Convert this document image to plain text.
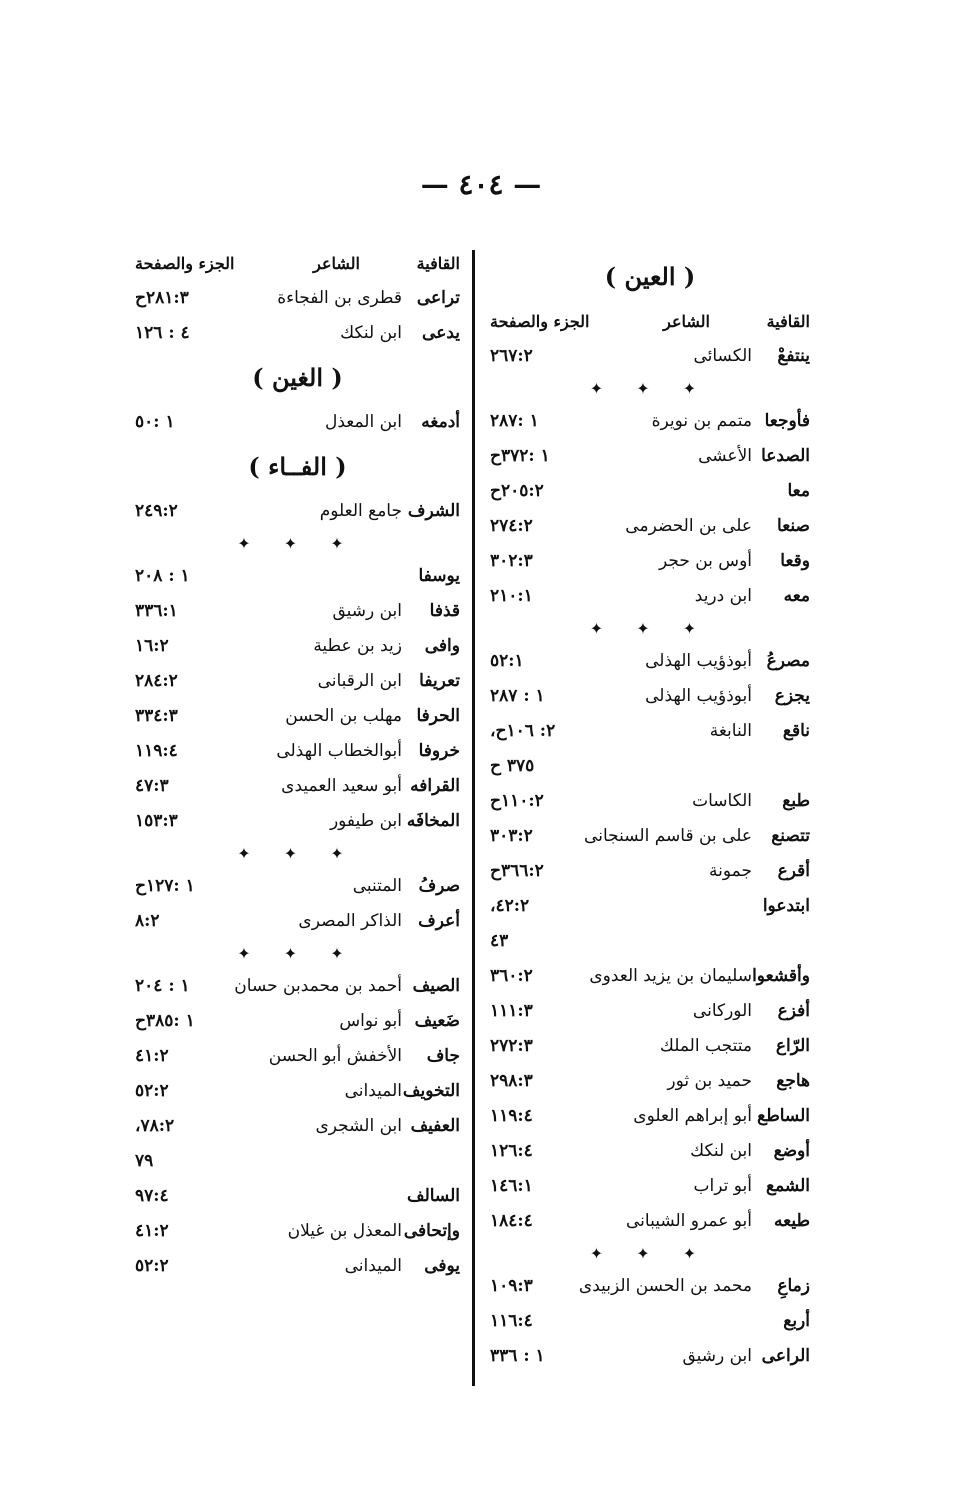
— ٤٠٤ —
( العين )
القافية
الشاعر
الجزء والصفحة
ينتفعْ
الكسائى
٢٦٧:٢
✦ ✦ ✦
فأوجعا
متمم بن نويرة
١ :٢٨٧
الصدعا
الأعشى
١ :٣٧٢ح
معا
٢٠٥:٢ح
صنعا
على بن الحضرمى
٢٧٤:٢
وقعا
أوس بن حجر
٣٠٢:٣
معه
ابن دريد
٢١٠:١
✦ ✦ ✦
مصرعُ
أبوذؤيب الهذلى
٥٢:١
يجزع
أبوذؤيب الهذلى
١ : ٢٨٧
ناقع
النابغة
٢: ١٠٦ح،
٣٧٥ ح
طبع
الكاسات
١١٠:٢ح
تتصنع
على بن قاسم السنجانى
٣٠٣:٢
أقرع
جمونة
٣٦٦:٢ح
ابتدعوا
٤٢:٢،
٤٣
وأقشعوا
سليمان بن يزيد العدوى
٣٦٠:٢
أفزع
الوركانى
١١١:٣
الرّاع
متتجب الملك
٢٧٢:٣
هاجع
حميد بن ثور
٢٩٨:٣
الساطع
أبو إبراهم العلوى
١١٩:٤
أوضع
ابن لنكك
١٢٦:٤
الشمع
أبو تراب
١٤٦:١
طيعه
أبو عمرو الشيبانى
١٨٤:٤
✦ ✦ ✦
زماعِ
محمد بن الحسن الزبيدى
١٠٩:٣
أربع
١١٦:٤
الراعى
ابن رشيق
١ : ٣٣٦
القافية
الشاعر
الجزء والصفحة
تراعى
قطرى بن الفجاءة
٢٨١:٣ح
يدعى
ابن لنكك
٤ : ١٢٦
( الغين )
أدمغه
ابن المعذل
١ :٥٠
( الفــاء )
الشرف
جامع العلوم
٢٤٩:٢
✦ ✦ ✦
يوسفا
١ : ٢٠٨
قذفا
ابن رشيق
٣٣٦:١
وافى
زيد بن عطية
١٦:٢
تعريفا
ابن الرقبانى
٢٨٤:٢
الحرفا
مهلب بن الحسن
٣٣٤:٣
خروفا
أبوالخطاب الهذلى
١١٩:٤
القرافه
أبو سعيد العميدى
٤٧:٣
المخافَه
ابن طيفور
١٥٣:٣
✦ ✦ ✦
صرفُ
المتنبى
١ :١٢٧ح
أعرف
الذاكر المصرى
٨:٢
✦ ✦ ✦
الصيف
أحمد بن محمدبن حسان
١ : ٢٠٤
ضَعيف
أبو نواس
١ :٣٨٥ح
جاف
الأخفش أبو الحسن
٤١:٢
التخويف
الميدانى
٥٢:٢
العفيف
ابن الشجرى
٧٨:٢،
٧٩
السالف
٩٧:٤
وإتحافى
المعذل بن غيلان
٤١:٢
يوفى
الميدانى
٥٢:٢
